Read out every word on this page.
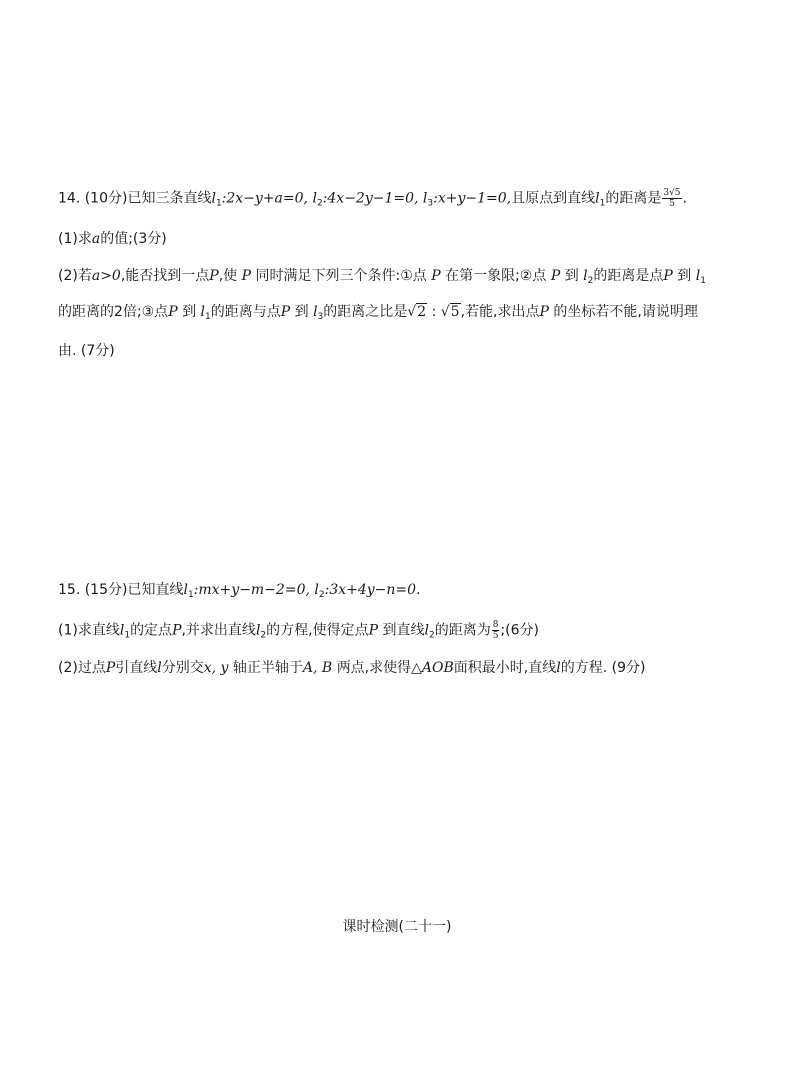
14. (10分)已知三条直线$l_1:2x-y+a=0$, $l_2:4x-2y-1=0$, $l_3:x+y-1=0$,且原点到直线$l_1$的距离是 $\frac{3√5}{5}$ .
(1)求a的值;(3分)
(2)若a>0,能否找到一点P,使 P 同时满足下列三个条件:①点 P 在第一象限;②点 P 到 $l_2$的距离是点P 到 $l_1$
的距离的2倍;③点P 到 $l_1$的距离与点P 到 $l_3$的距离之比是√2 : √5,若能,求出点P 的坐标若不能,请说明理
由. (7分)
15. (15分)已知直线$l_1:mx+y-m-2=0$, $l_2:3x+4y-n=0$.
(1)求直线$l_1$的定点P,并求出直线$l_2$的方程,使得定点P 到直线$l_2$的距离为 $\frac{8}{5}$ ;(6分)
(2)过点P引直线l分别交x, y 轴正半轴于A, B 两点,求使得△AOB面积最小时,直线l的方程. (9分)
课时检测(二十一)
